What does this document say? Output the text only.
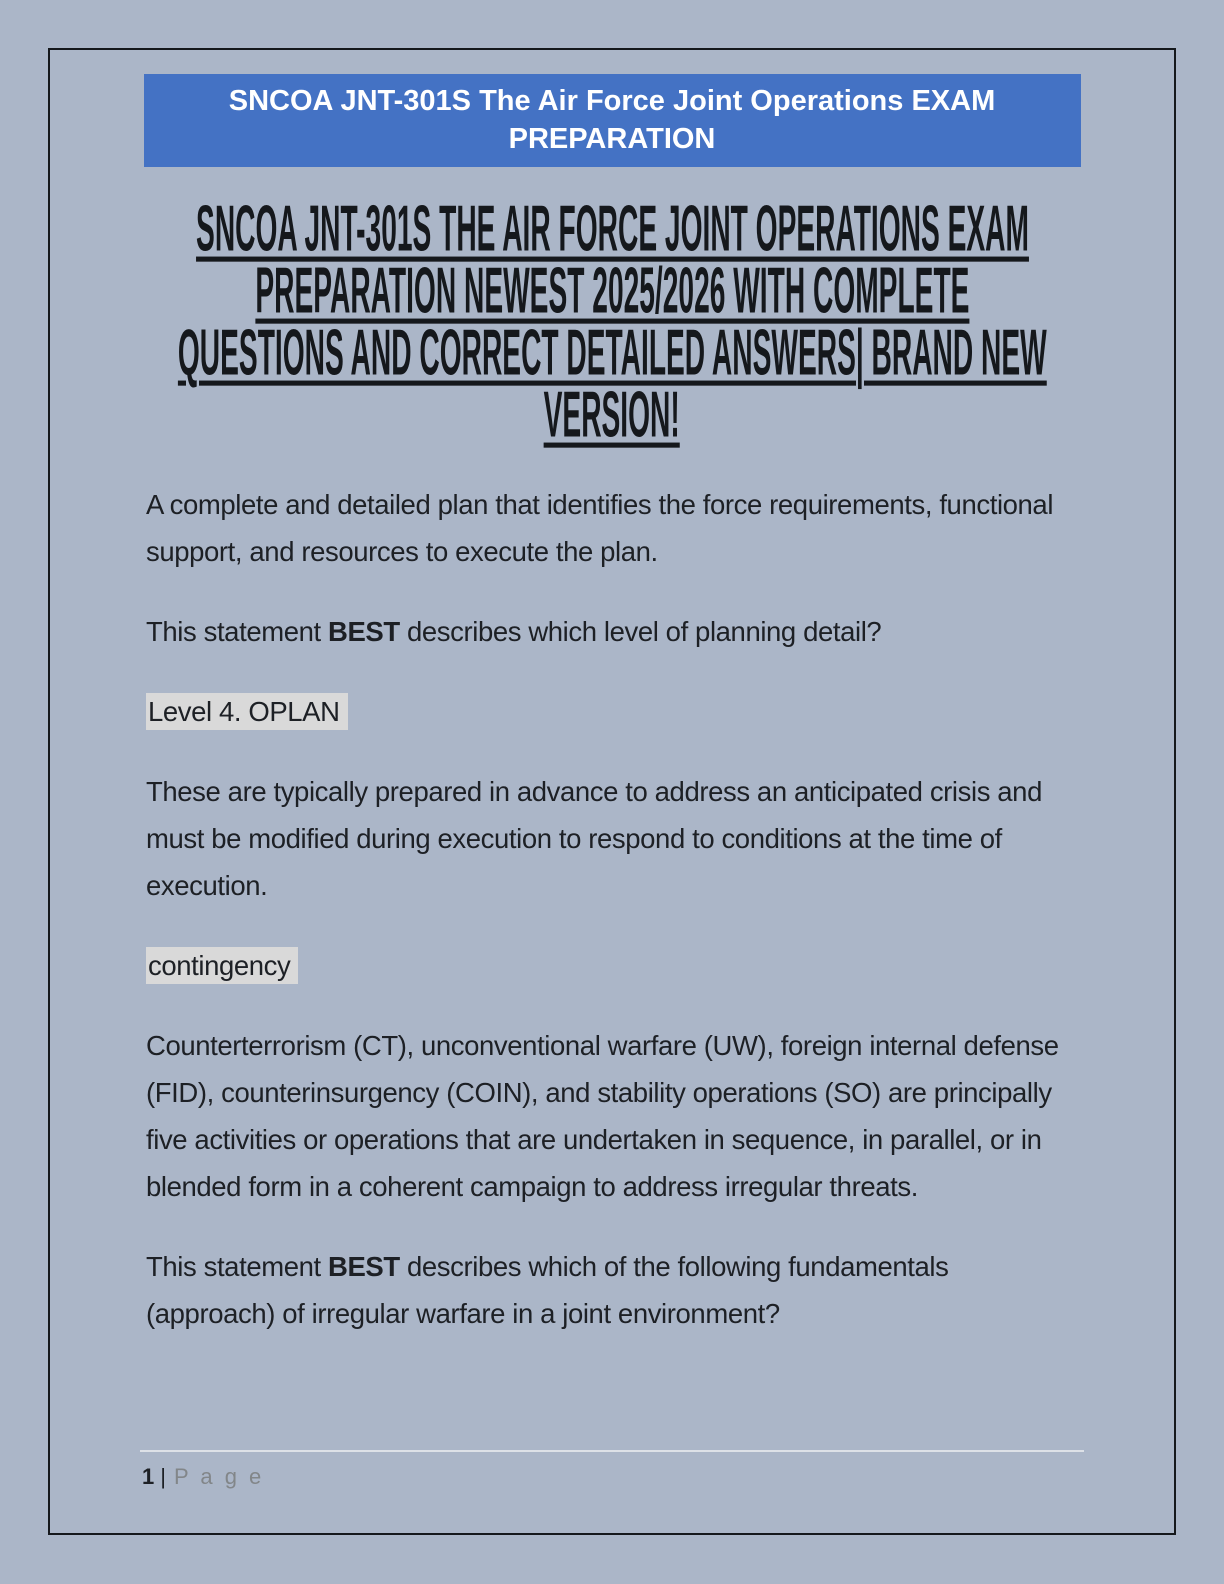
SNCOA JNT-301S The Air Force Joint Operations EXAM
PREPARATION
SNCOA JNT-301S THE AIR FORCE JOINT OPERATIONS EXAM
PREPARATION NEWEST 2025/2026 WITH COMPLETE
QUESTIONS AND CORRECT DETAILED ANSWERS| BRAND NEW
VERSION!

A complete and detailed plan that identifies the force requirements, functional support, and resources to execute the plan.

This statement BEST describes which level of planning detail?

Level 4. OPLAN

These are typically prepared in advance to address an anticipated crisis and must be modified during execution to respond to conditions at the time of execution.

contingency

Counterterrorism (CT), unconventional warfare (UW), foreign internal defense (FID), counterinsurgency (COIN), and stability operations (SO) are principally five activities or operations that are undertaken in sequence, in parallel, or in blended form in a coherent campaign to address irregular threats.

This statement BEST describes which of the following fundamentals (approach) of irregular warfare in a joint environment?

1 | P a g e
